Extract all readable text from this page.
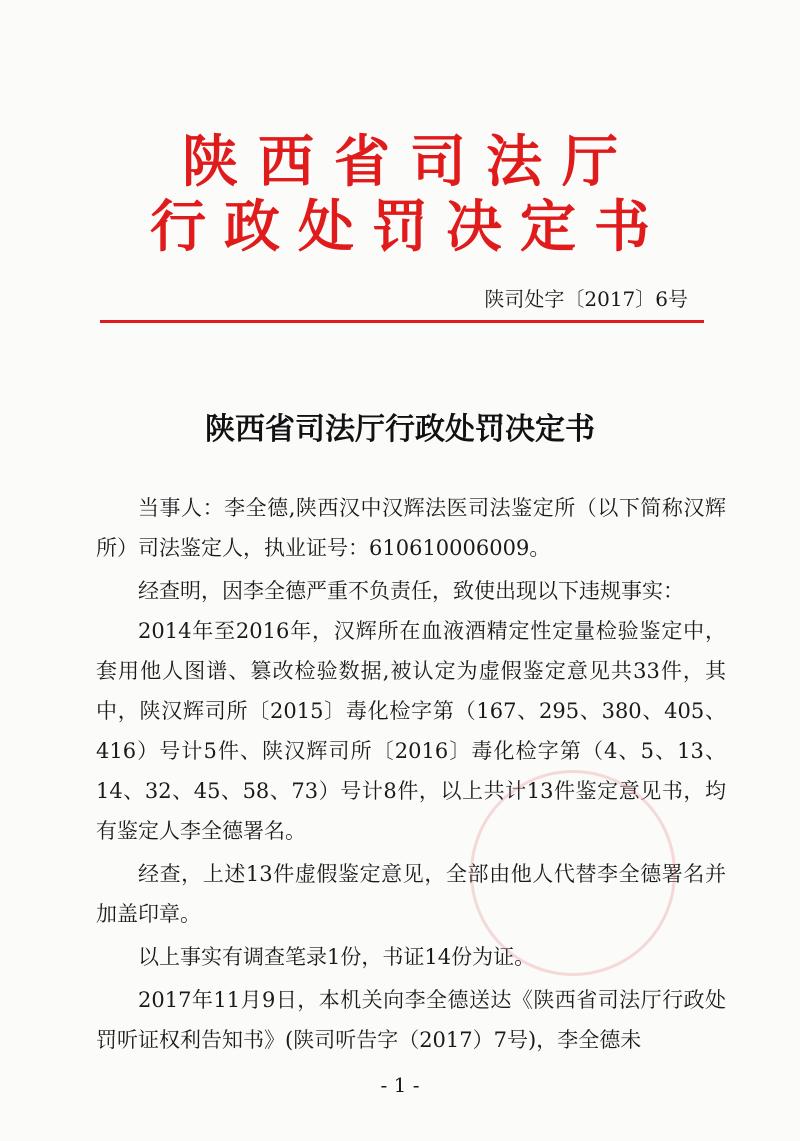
陕西省司法厅
行政处罚决定书
陕司处字〔2017〕6号
陕西省司法厅行政处罚决定书

当事人：李全德,陕西汉中汉辉法医司法鉴定所（以下简称汉辉所）司法鉴定人，执业证号：610610006009。

经查明，因李全德严重不负责任，致使出现以下违规事实：

2014年至2016年，汉辉所在血液酒精定性定量检验鉴定中，套用他人图谱、篡改检验数据,被认定为虚假鉴定意见共33件，其中，陕汉辉司所〔2015〕毒化检字第（167、295、380、405、416）号计5件、陕汉辉司所〔2016〕毒化检字第（4、5、13、14、32、45、58、73）号计8件，以上共计13件鉴定意见书，均有鉴定人李全德署名。

经查，上述13件虚假鉴定意见，全部由他人代替李全德署名并加盖印章。

以上事实有调查笔录1份，书证14份为证。

2017年11月9日，本机关向李全德送达《陕西省司法厅行政处罚听证权利告知书》(陕司听告字（2017）7号)，李全德未

- 1 -
